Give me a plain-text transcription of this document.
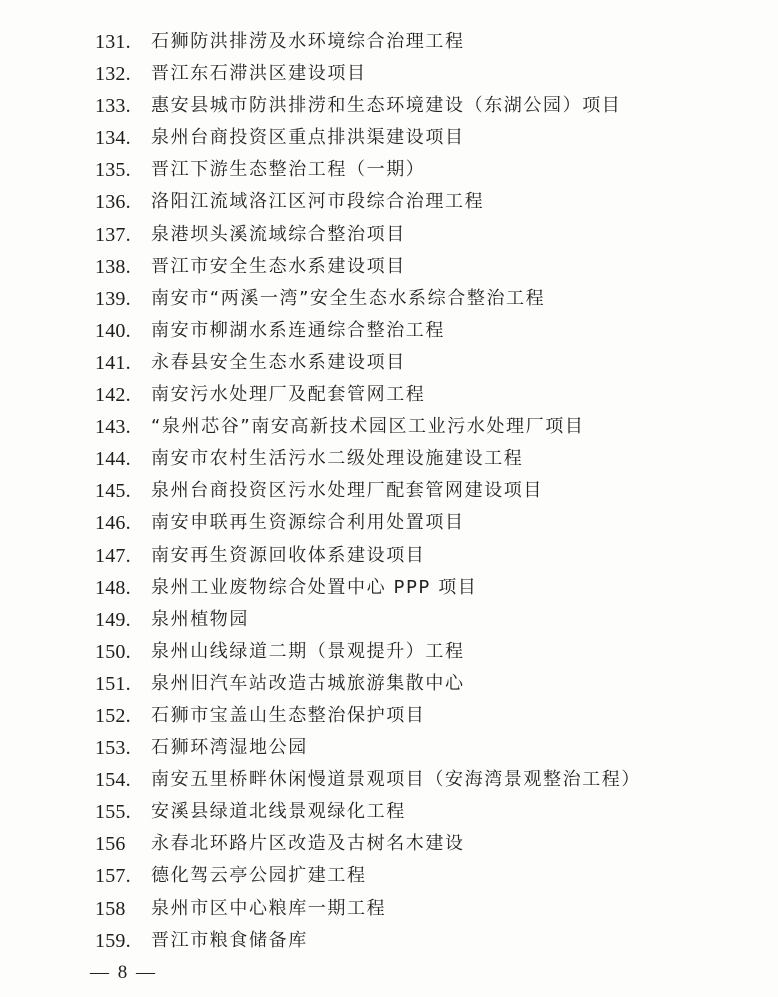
131.	石狮防洪排涝及水环境综合治理工程
132.	晋江东石滞洪区建设项目
133.	惠安县城市防洪排涝和生态环境建设（东湖公园）项目
134.	泉州台商投资区重点排洪渠建设项目
135.	晋江下游生态整治工程（一期）
136.	洛阳江流域洛江区河市段综合治理工程
137.	泉港坝头溪流域综合整治项目
138.	晋江市安全生态水系建设项目
139.	南安市“两溪一湾”安全生态水系综合整治工程
140.	南安市柳湖水系连通综合整治工程
141.	永春县安全生态水系建设项目
142.	南安污水处理厂及配套管网工程
143.	“泉州芯谷”南安高新技术园区工业污水处理厂项目
144.	南安市农村生活污水二级处理设施建设工程
145.	泉州台商投资区污水处理厂配套管网建设项目
146.	南安申联再生资源综合利用处置项目
147.	南安再生资源回收体系建设项目
148.	泉州工业废物综合处置中心 PPP 项目
149.	泉州植物园
150.	泉州山线绿道二期（景观提升）工程
151.	泉州旧汽车站改造古城旅游集散中心
152.	石狮市宝盖山生态整治保护项目
153.	石狮环湾湿地公园
154.	南安五里桥畔休闲慢道景观项目（安海湾景观整治工程）
155.	安溪县绿道北线景观绿化工程
156	永春北环路片区改造及古树名木建设
157.	德化驾云亭公园扩建工程
158	泉州市区中心粮库一期工程
159.	晋江市粮食储备库
— 8 —
